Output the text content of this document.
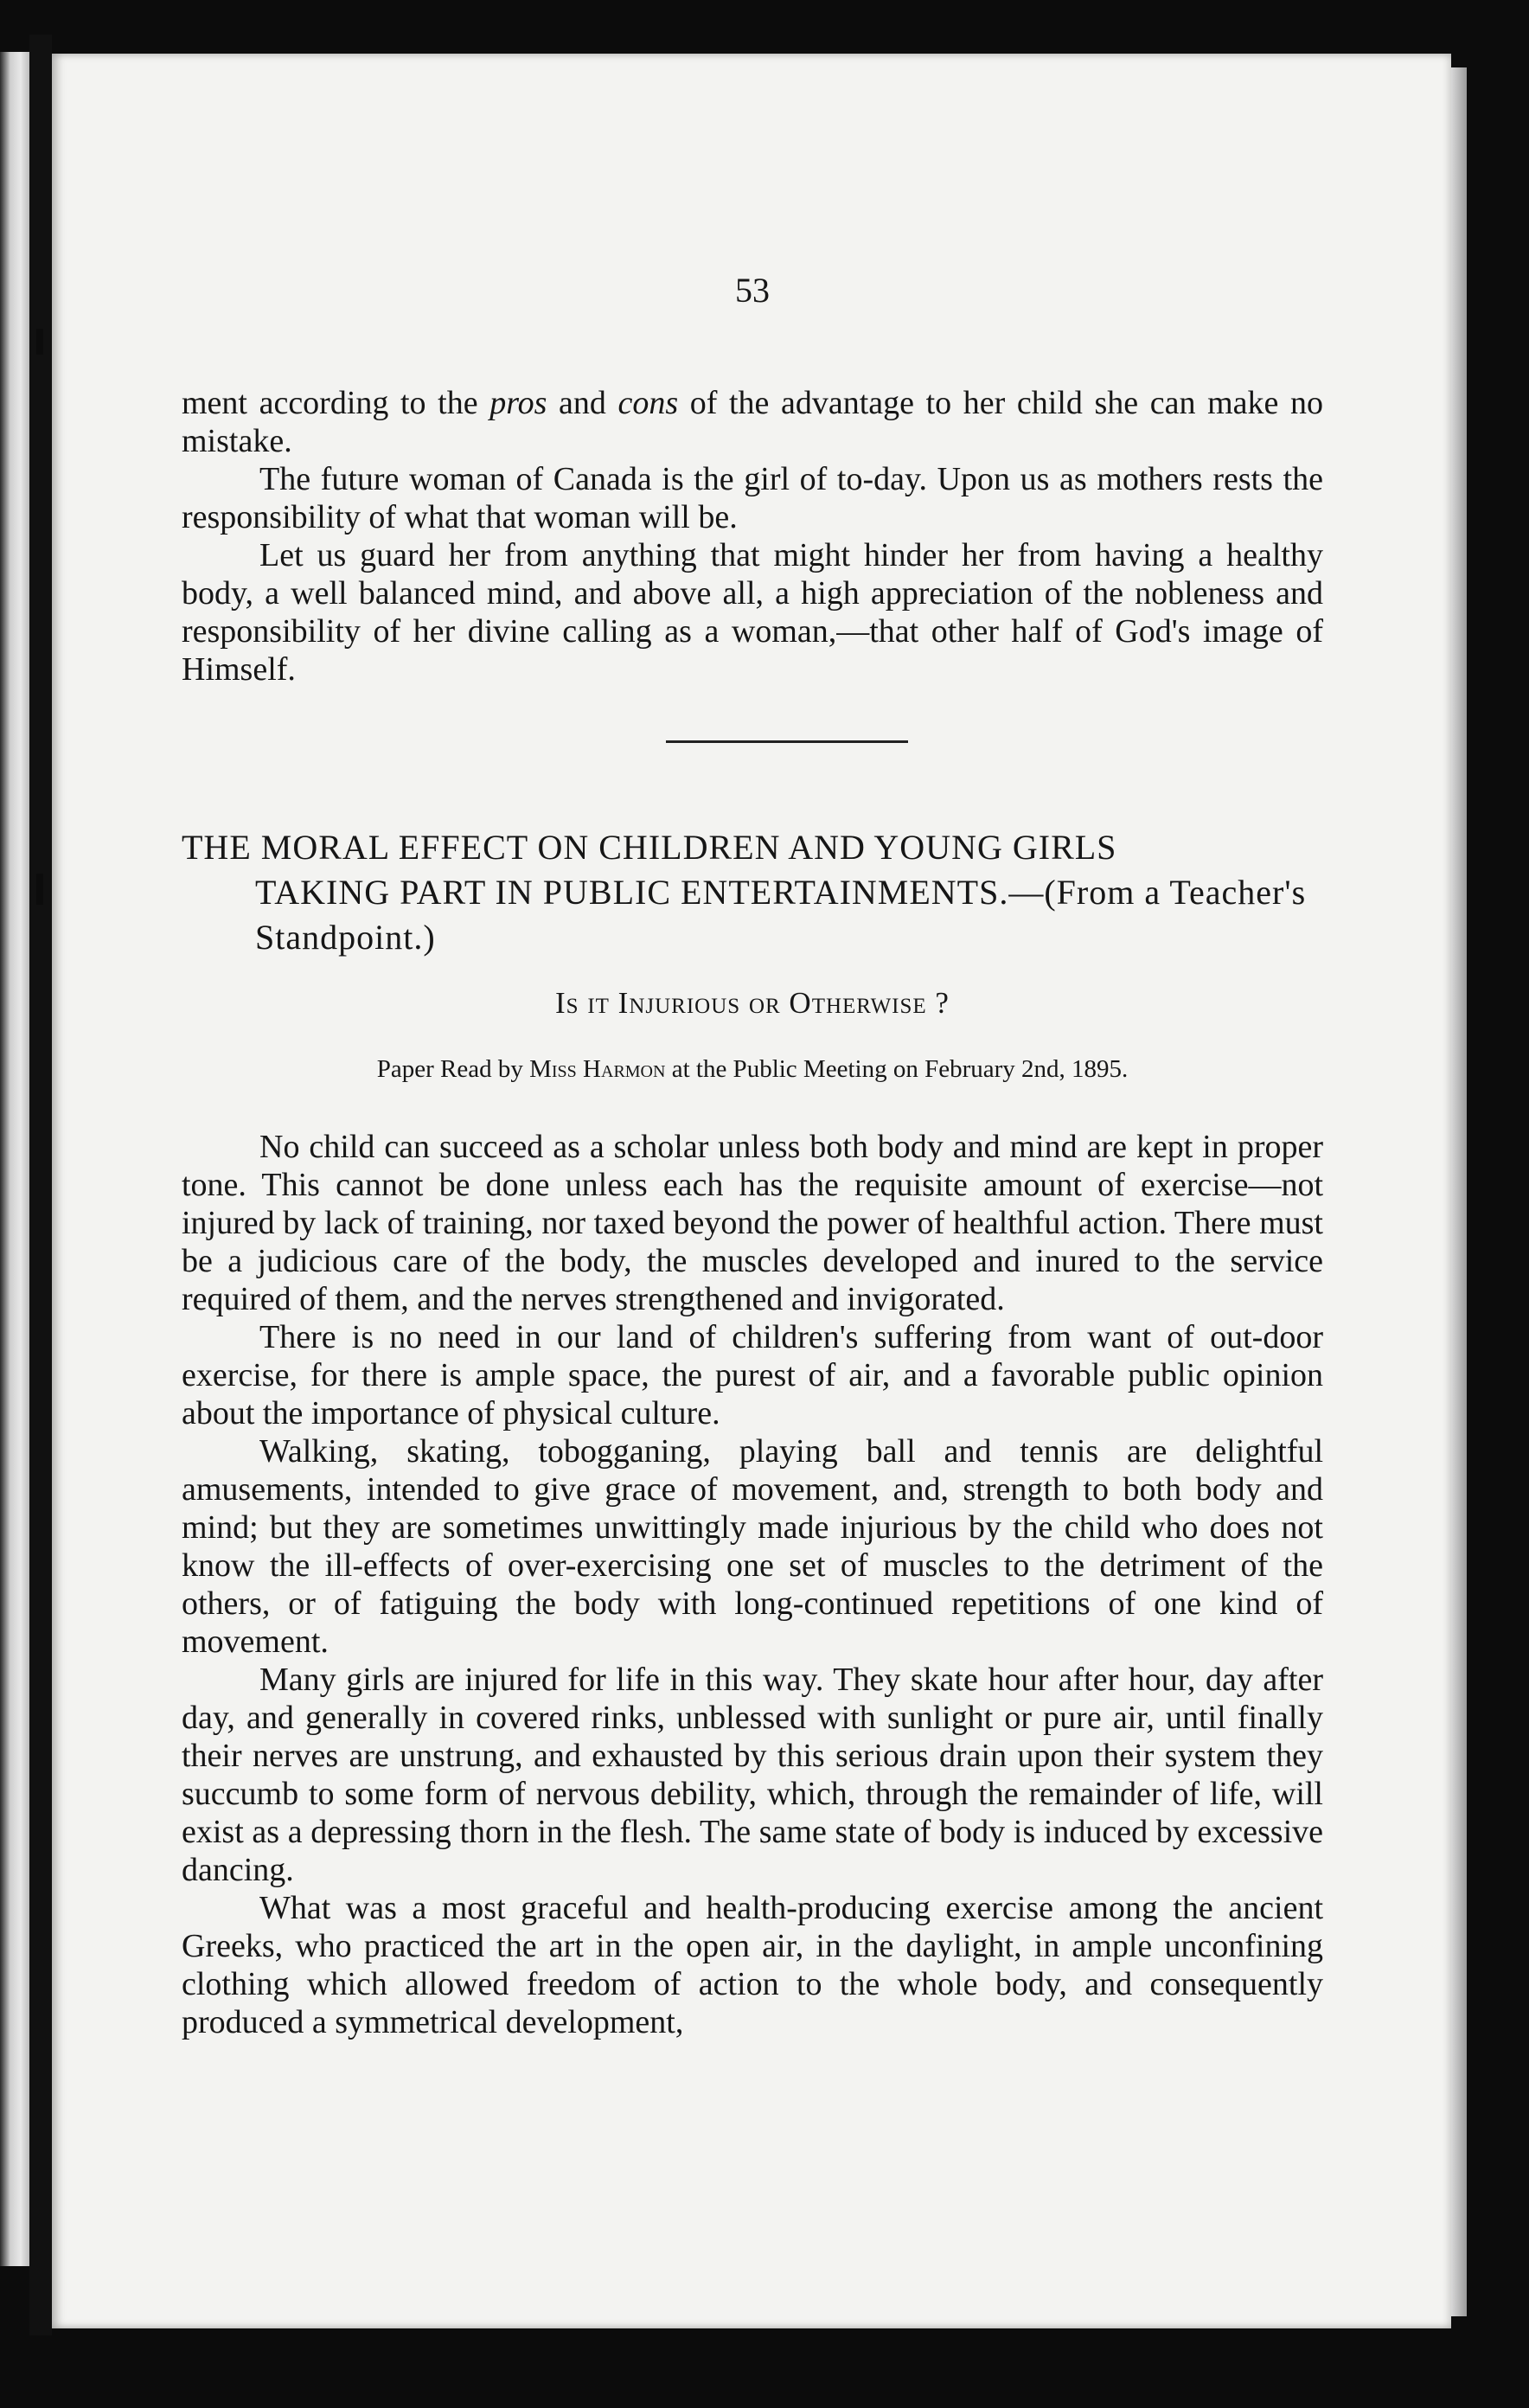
53

ment according to the pros and cons of the advantage to her child she can make no mistake.

The future woman of Canada is the girl of to-day. Upon us as mothers rests the responsibility of what that woman will be.

Let us guard her from anything that might hinder her from having a healthy body, a well balanced mind, and above all, a high appreciation of the nobleness and responsibility of her divine calling as a woman,—that other half of God's image of Himself.

THE MORAL EFFECT ON CHILDREN AND YOUNG GIRLS
TAKING PART IN PUBLIC ENTERTAINMENTS.—(From a Teacher's Standpoint.)
Is it Injurious or Otherwise ?
Paper Read by Miss Harmon at the Public Meeting on February 2nd, 1895.

No child can succeed as a scholar unless both body and mind are kept in proper tone. This cannot be done unless each has the requisite amount of exercise—not injured by lack of training, nor taxed beyond the power of healthful action. There must be a judicious care of the body, the muscles developed and inured to the service required of them, and the nerves strengthened and invigorated.

There is no need in our land of children's suffering from want of out-door exercise, for there is ample space, the purest of air, and a favorable public opinion about the importance of physical culture.

Walking, skating, tobogganing, playing ball and tennis are delightful amusements, intended to give grace of movement, and, strength to both body and mind; but they are sometimes unwittingly made injurious by the child who does not know the ill-effects of over-exercising one set of muscles to the detriment of the others, or of fatiguing the body with long-continued repetitions of one kind of movement.

Many girls are injured for life in this way. They skate hour after hour, day after day, and generally in covered rinks, unblessed with sunlight or pure air, until finally their nerves are unstrung, and exhausted by this serious drain upon their system they succumb to some form of nervous debility, which, through the remainder of life, will exist as a depressing thorn in the flesh. The same state of body is induced by excessive dancing.

What was a most graceful and health-producing exercise among the ancient Greeks, who practiced the art in the open air, in the daylight, in ample unconfining clothing which allowed freedom of action to the whole body, and consequently produced a symmetrical development,
